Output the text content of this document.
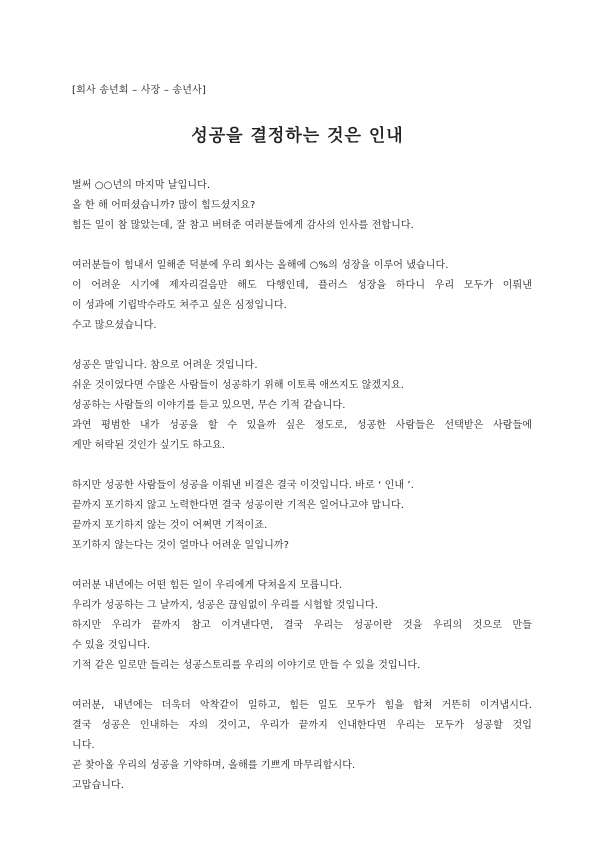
[회사 송년회 – 사장 – 송년사]
성공을 결정하는 것은 인내
벌써 ○○년의 마지막 날입니다.
올 한 해 어떠셨습니까? 많이 힘드셨지요?
힘든 일이 참 많았는데, 잘 참고 버텨준 여러분들에게 감사의 인사를 전합니다.
여러분들이 힘내서 일해준 덕분에 우리 회사는 올해에 ○%의 성장을 이루어 냈습니다.
이 어려운 시기에 제자리걸음만 해도 다행인데, 플러스 성장을 하다니 우리 모두가 이뤄낸
이 성과에 기립박수라도 쳐주고 싶은 심정입니다.
수고 많으셨습니다.
성공은 말입니다. 참으로 어려운 것입니다.
쉬운 것이었다면 수많은 사람들이 성공하기 위해 이토록 애쓰지도 않겠지요.
성공하는 사람들의 이야기를 듣고 있으면, 무슨 기적 같습니다.
과연 평범한 내가 성공을 할 수 있을까 싶은 정도로, 성공한 사람들은 선택받은 사람들에
게만 허락된 것인가 싶기도 하고요.
하지만 성공한 사람들이 성공을 이뤄낸 비결은 결국 이것입니다. 바로 ‘ 인내 ’.
끝까지 포기하지 않고 노력한다면 결국 성공이란 기적은 일어나고야 맙니다.
끝까지 포기하지 않는 것이 어쩌면 기적이죠.
포기하지 않는다는 것이 얼마나 어려운 일입니까?
여러분 내년에는 어떤 힘든 일이 우리에게 닥쳐올지 모릅니다.
우리가 성공하는 그 날까지, 성공은 끊임없이 우리를 시험할 것입니다.
하지만 우리가 끝까지 참고 이겨낸다면, 결국 우리는 성공이란 것을 우리의 것으로 만들
수 있을 것입니다.
기적 같은 일로만 들리는 성공스토리를 우리의 이야기로 만들 수 있을 것입니다.
여러분, 내년에는 더욱더 악착같이 일하고, 힘든 일도 모두가 힘을 합쳐 거뜬히 이겨냅시다.
결국 성공은 인내하는 자의 것이고, 우리가 끝까지 인내한다면 우리는 모두가 성공할 것입
니다.
곧 찾아올 우리의 성공을 기약하며, 올해를 기쁘게 마무리합시다.
고맙습니다.
